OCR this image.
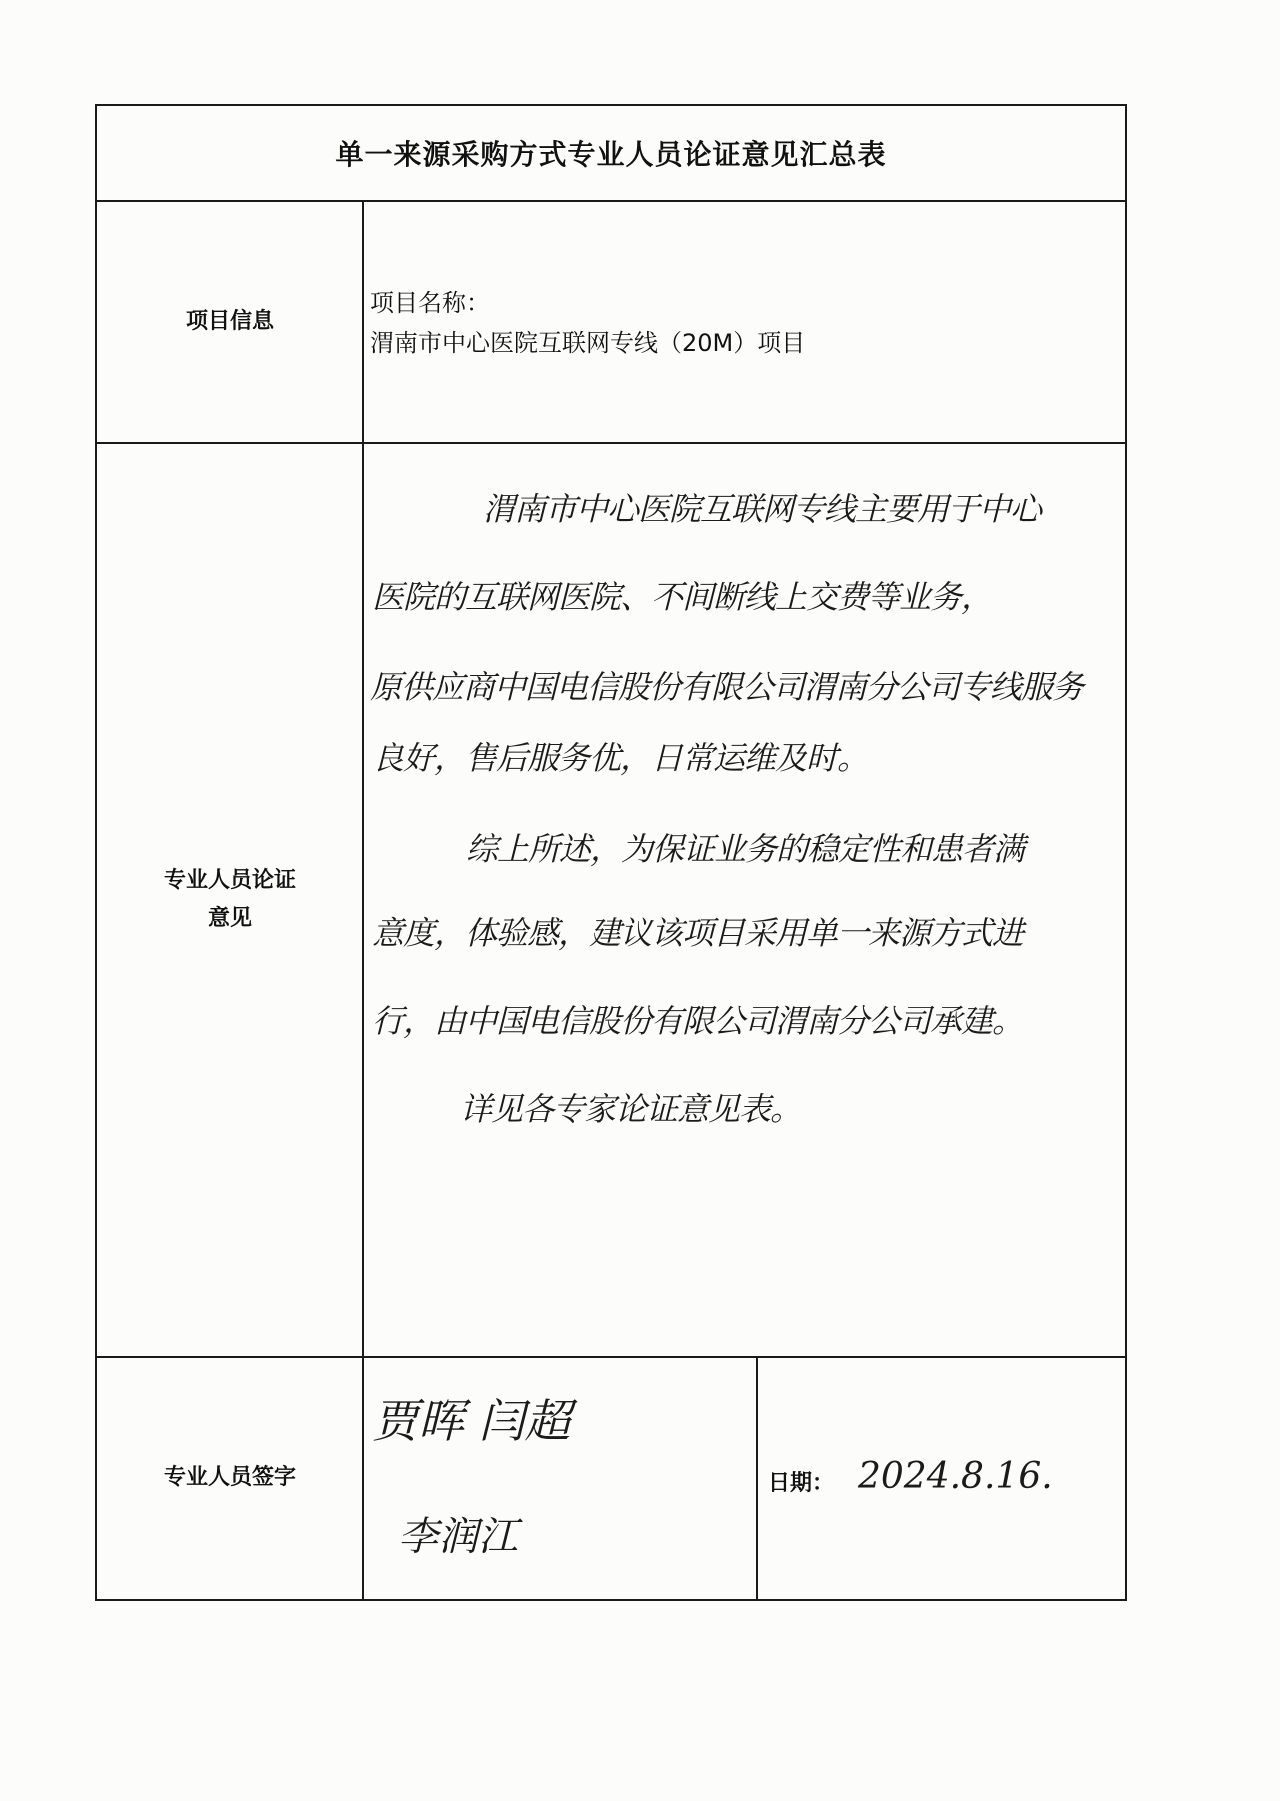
单一来源采购方式专业人员论证意见汇总表
项目信息
项目名称：
渭南市中心医院互联网专线（20M）项目
专业人员论证
意见
渭南市中心医院互联网专线主要用于中心
医院的互联网医院、不间断线上交费等业务，
原供应商中国电信股份有限公司渭南分公司专线服务
良好，售后服务优，日常运维及时。
综上所述，为保证业务的稳定性和患者满
意度，体验感，建议该项目采用单一来源方式进
行，由中国电信股份有限公司渭南分公司承建。
详见各专家论证意见表。
专业人员签字
贾晖 闫超
李润江
日期： 2024.8.16.
